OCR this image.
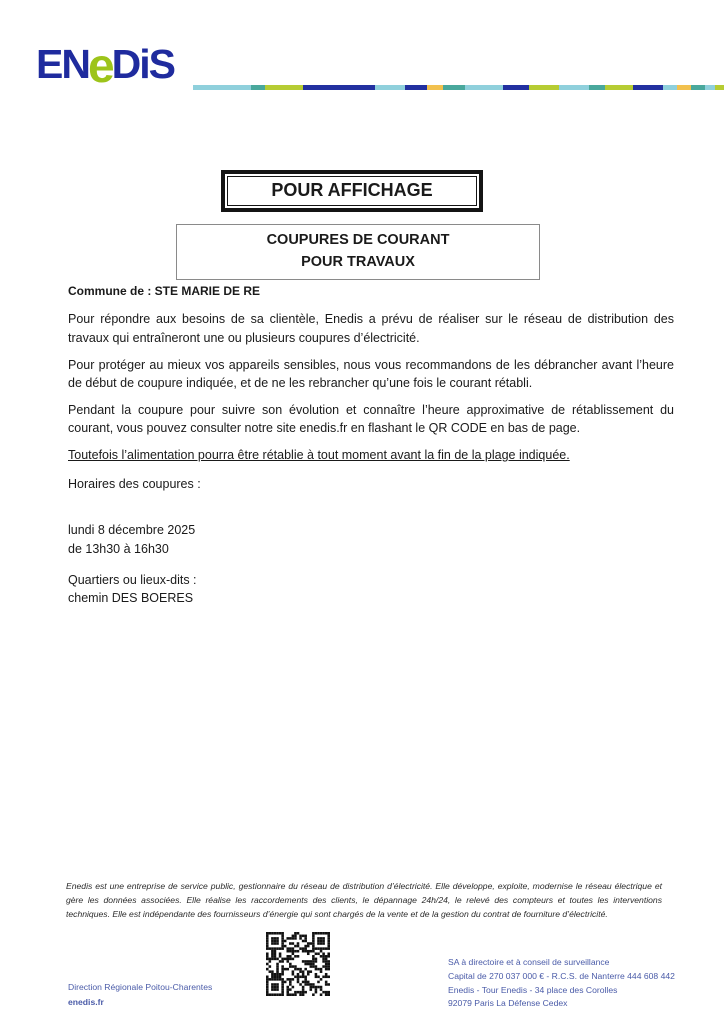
ENeDiS
POUR AFFICHAGE
COUPURES DE COURANT
POUR TRAVAUX
Commune de : STE MARIE DE RE

Pour répondre aux besoins de sa clientèle, Enedis a prévu de réaliser sur le réseau de distribution des travaux qui entraîneront une ou plusieurs coupures d’électricité.

Pour protéger au mieux vos appareils sensibles, nous vous recommandons de les débrancher avant l’heure de début de coupure indiquée, et de ne les rebrancher qu’une fois le courant rétabli.

Pendant la coupure pour suivre son évolution et connaître l’heure approximative de rétablissement du courant, vous pouvez consulter notre site enedis.fr en flashant le QR CODE en bas de page.

Toutefois l’alimentation pourra être rétablie à tout moment avant la fin de la plage indiquée.

Horaires des coupures :
lundi 8 décembre 2025
de 13h30 à 16h30
Quartiers ou lieux-dits :
chemin DES BOERES
Enedis est une entreprise de service public, gestionnaire du réseau de distribution d’électricité. Elle développe, exploite, modernise le réseau électrique et gère les données associées. Elle réalise les raccordements des clients, le dépannage 24h/24, le relevé des compteurs et toutes les interventions techniques. Elle est indépendante des fournisseurs d’énergie qui sont chargés de la vente et de la gestion du contrat de fourniture d’électricité.
Direction Régionale Poitou-Charentes
enedis.fr
SA à directoire et à conseil de surveillance
Capital de 270 037 000 € - R.C.S. de Nanterre 444 608 442
Enedis - Tour Enedis - 34 place des Corolles
92079 Paris La Défense Cedex
